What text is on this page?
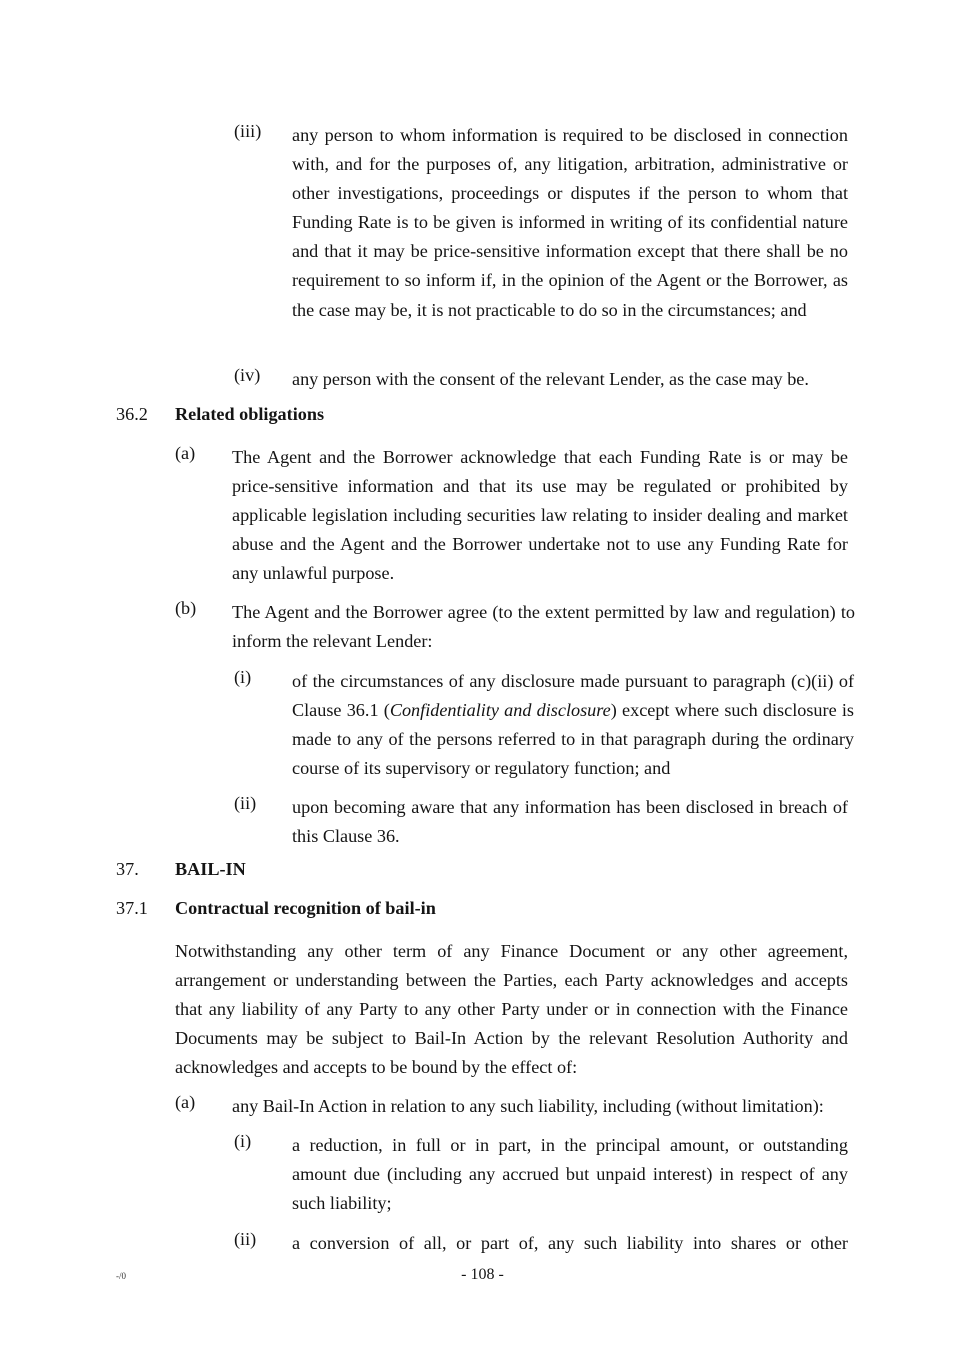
(iii) any person to whom information is required to be disclosed in connection with, and for the purposes of, any litigation, arbitration, administrative or other investigations, proceedings or disputes if the person to whom that Funding Rate is to be given is informed in writing of its confidential nature and that it may be price-sensitive information except that there shall be no requirement to so inform if, in the opinion of the Agent or the Borrower, as the case may be, it is not practicable to do so in the circumstances; and
(iv) any person with the consent of the relevant Lender, as the case may be.
36.2 Related obligations
(a) The Agent and the Borrower acknowledge that each Funding Rate is or may be price-sensitive information and that its use may be regulated or prohibited by applicable legislation including securities law relating to insider dealing and market abuse and the Agent and the Borrower undertake not to use any Funding Rate for any unlawful purpose.
(b) The Agent and the Borrower agree (to the extent permitted by law and regulation) to inform the relevant Lender:
(i) of the circumstances of any disclosure made pursuant to paragraph (c)(ii) of Clause 36.1 (Confidentiality and disclosure) except where such disclosure is made to any of the persons referred to in that paragraph during the ordinary course of its supervisory or regulatory function; and
(ii) upon becoming aware that any information has been disclosed in breach of this Clause 36.
37. BAIL-IN
37.1 Contractual recognition of bail-in
Notwithstanding any other term of any Finance Document or any other agreement, arrangement or understanding between the Parties, each Party acknowledges and accepts that any liability of any Party to any other Party under or in connection with the Finance Documents may be subject to Bail-In Action by the relevant Resolution Authority and acknowledges and accepts to be bound by the effect of:
(a) any Bail-In Action in relation to any such liability, including (without limitation):
(i) a reduction, in full or in part, in the principal amount, or outstanding amount due (including any accrued but unpaid interest) in respect of any such liability;
(ii) a conversion of all, or part of, any such liability into shares or other
-/0	- 108 -
